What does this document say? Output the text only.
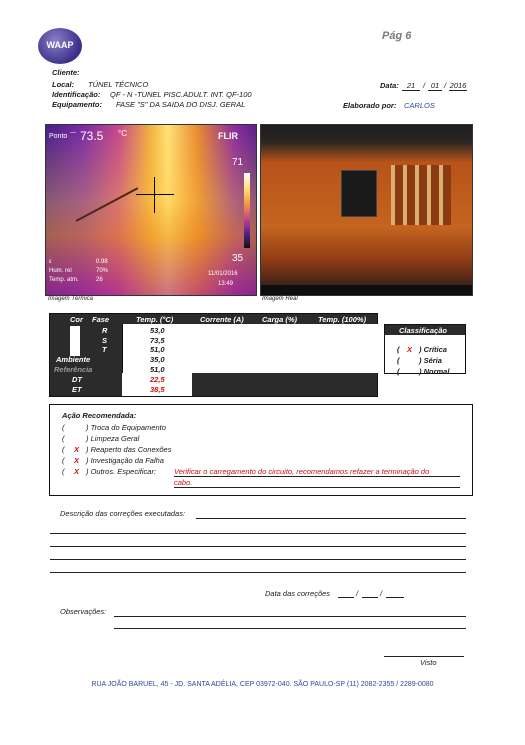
WAAP
Pág 6
Cliente:
Local: TÚNEL TÉCNICO
Identificação: QF - N -TUNEL PISC.ADULT. INT. QF-100
Equipamento: FASE "S" DA SAIDA DO DISJ. GERAL
Data:	21	/ 01 / 2016
Elaborado por: CARLOS
Ponto — 73.5 °C	FLIR
71
35
ε	0.98
Hum. rel	70%
Temp. atm.	26
11/01/2016
13:49
Imagem Térmica	Imagem Real
Cor Fase	Temp. (°C)	Corrente (A) Carga (%)	Temp. (100%)
R	53,0
S	73,5
T	51,0
Ambiente	35,0
Referência	51,0
DT	22,5
ET	38,5
Classificação
( X ) Crítica
(	) Séria
(	) Normal
Ação Recomendada:
(	) Troca do Equipamento
(	) Limpeza Geral
( X ) Reaperto das Conexões
( X ) Investigação da Falha
( X ) Outros. Especificar: Verificar o carregamento do circuito, recomendamos refazer a terminação do
cabo.
Descrição das correções executadas:
Data das correções	/	/
Observações:
Visto
RUA JOÃO BARUEL, 45 - JD. SANTA ADÉLIA, CEP 03972-040. SÃO PAULO-SP (11) 2082-2355 / 2289-0080
